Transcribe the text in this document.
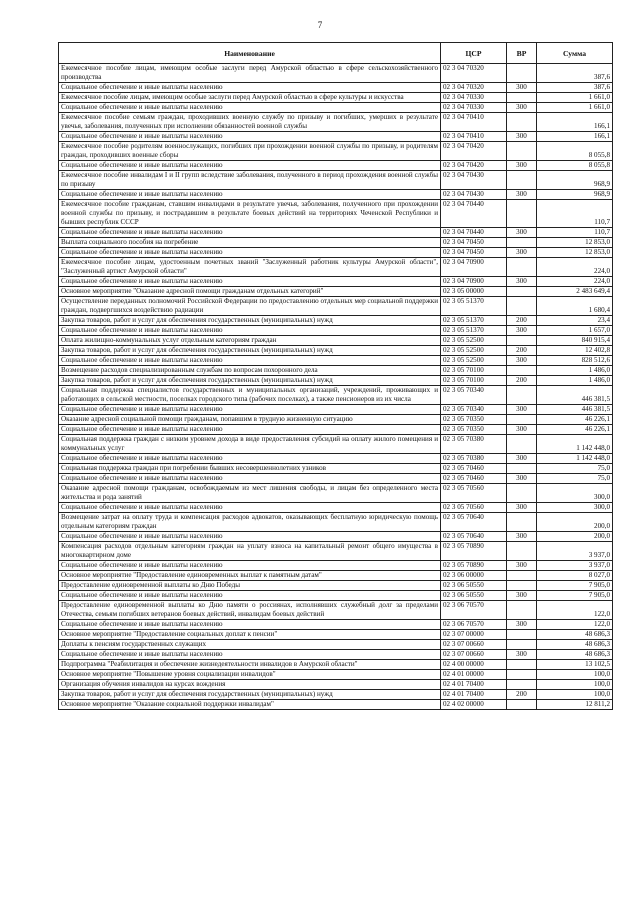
7
Наименование	ЦСР	ВР	Сумма
Ежемесячное пособие лицам, имеющим особые заслуги перед Амурской областью в сфере сельскохозяйственного производства	02 3 04 70320		387,6
Социальное обеспечение и иные выплаты населению	02 3 04 70320	300	387,6
Ежемесячное пособие лицам, имеющим особые заслуги перед Амурской областью в сфере культуры и искусства	02 3 04 70330		1 661,0
Социальное обеспечение и иные выплаты населению	02 3 04 70330	300	1 661,0
Ежемесячное пособие семьям граждан, проходивших военную службу по призыву и погибших, умерших в результате увечья, заболевания, полученных при исполнении обязанностей военной службы	02 3 04 70410		166,1
Социальное обеспечение и иные выплаты населению	02 3 04 70410	300	166,1
Ежемесячное пособие родителям военнослужащих, погибших при прохождении военной службы по призыву, и родителям граждан, проходивших военные сборы	02 3 04 70420		8 055,8
Социальное обеспечение и иные выплаты населению	02 3 04 70420	300	8 055,8
Ежемесячное пособие инвалидам I и II групп вследствие заболевания, полученного в период прохождения военной службы по призыву	02 3 04 70430		968,9
Социальное обеспечение и иные выплаты населению	02 3 04 70430	300	968,9
Ежемесячное пособие гражданам, ставшим инвалидами в результате увечья, заболевания, полученного при прохождении военной службы по призыву, и пострадавшим в результате боевых действий на территориях Чеченской Республики и бывших республик СССР	02 3 04 70440		110,7
Социальное обеспечение и иные выплаты населению	02 3 04 70440	300	110,7
Выплата социального пособия на погребение	02 3 04 70450		12 853,0
Социальное обеспечение и иные выплаты населению	02 3 04 70450	300	12 853,0
Ежемесячное пособие лицам, удостоенным почетных званий "Заслуженный работник культуры Амурской области", "Заслуженный артист Амурской области"	02 3 04 70900		224,0
Социальное обеспечение и иные выплаты населению	02 3 04 70900	300	224,0
Основное мероприятие "Оказание адресной помощи гражданам отдельных категорий"	02 3 05 00000		2 483 649,4
Осуществление переданных полномочий Российской Федерации по предоставлению отдельных мер социальной поддержки граждан, подвергшихся воздействию радиации	02 3 05 51370		1 680,4
Закупка товаров, работ и услуг для обеспечения государственных (муниципальных) нужд	02 3 05 51370	200	23,4
Социальное обеспечение и иные выплаты населению	02 3 05 51370	300	1 657,0
Оплата жилищно-коммунальных услуг отдельным категориям граждан	02 3 05 52500		840 915,4
Закупка товаров, работ и услуг для обеспечения государственных (муниципальных) нужд	02 3 05 52500	200	12 402,8
Социальное обеспечение и иные выплаты населению	02 3 05 52500	300	828 512,6
Возмещение расходов специализированным службам по вопросам похоронного дела	02 3 05 70100		1 486,0
Закупка товаров, работ и услуг для обеспечения государственных (муниципальных) нужд	02 3 05 70100	200	1 486,0
Социальная поддержка специалистов государственных и муниципальных организаций, учреждений, проживающих и работающих в сельской местности, поселках городского типа (рабочих поселках), а также пенсионеров из их числа	02 3 05 70340		446 381,5
Социальное обеспечение и иные выплаты населению	02 3 05 70340	300	446 381,5
Оказание адресной социальной помощи гражданам, попавшим в трудную жизненную ситуацию	02 3 05 70350		46 226,1
Социальное обеспечение и иные выплаты населению	02 3 05 70350	300	46 226,1
Социальная поддержка граждан с низким уровнем дохода в виде предоставления субсидий на оплату жилого помещения и коммунальных услуг	02 3 05 70380		1 142 448,0
Социальное обеспечение и иные выплаты населению	02 3 05 70380	300	1 142 448,0
Социальная поддержка граждан при погребении бывших несовершеннолетних узников	02 3 05 70460		75,0
Социальное обеспечение и иные выплаты населению	02 3 05 70460	300	75,0
Оказание адресной помощи гражданам, освобождаемым из мест лишения свободы, и лицам без определенного места жительства и рода занятий	02 3 05 70560		300,0
Социальное обеспечение и иные выплаты населению	02 3 05 70560	300	300,0
Возмещение затрат на оплату труда и компенсация расходов адвокатов, оказывающих бесплатную юридическую помощь отдельным категориям граждан	02 3 05 70640		200,0
Социальное обеспечение и иные выплаты населению	02 3 05 70640	300	200,0
Компенсация расходов отдельным категориям граждан на уплату взноса на капитальный ремонт общего имущества в многоквартирном доме	02 3 05 70890		3 937,0
Социальное обеспечение и иные выплаты населению	02 3 05 70890	300	3 937,0
Основное мероприятие "Предоставление единовременных выплат к памятным датам"	02 3 06 00000		8 027,0
Предоставление единовременной выплаты ко Дню Победы	02 3 06 50550		7 905,0
Социальное обеспечение и иные выплаты населению	02 3 06 50550	300	7 905,0
Предоставление единовременной выплаты ко Дню памяти о россиянах, исполнявших служебный долг за пределами Отечества, семьям погибших ветеранов боевых действий, инвалидам боевых действий	02 3 06 70570		122,0
Социальное обеспечение и иные выплаты населению	02 3 06 70570	300	122,0
Основное мероприятие "Предоставление социальных доплат к пенсии"	02 3 07 00000		48 686,3
Доплаты к пенсиям государственных служащих	02 3 07 00660		48 686,3
Социальное обеспечение и иные выплаты населению	02 3 07 00660	300	48 686,3
Подпрограмма "Реабилитация и обеспечение жизнедеятельности инвалидов в Амурской области"	02 4 00 00000		13 102,5
Основное мероприятие "Повышение уровня социализации инвалидов"	02 4 01 00000		100,0
Организация обучения инвалидов на курсах вождения	02 4 01 70400		100,0
Закупка товаров, работ и услуг для обеспечения государственных (муниципальных) нужд	02 4 01 70400	200	100,0
Основное мероприятие "Оказание социальной поддержки инвалидам"	02 4 02 00000		12 811,2
